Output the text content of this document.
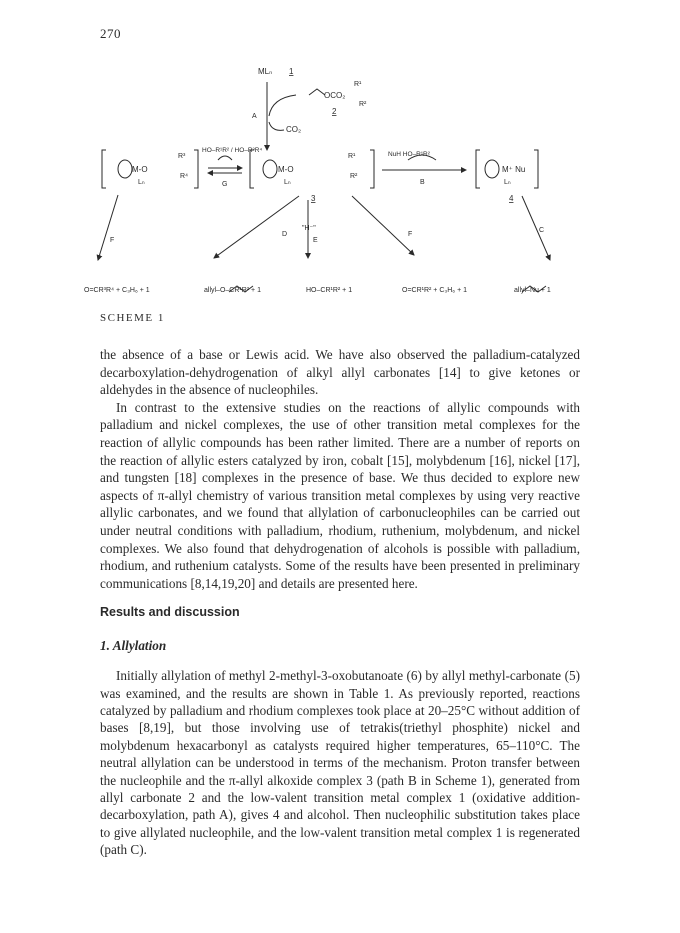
270
MLₙ 1
OCO₂
R¹
R²
2
A
CO₂
M-O
Lₙ
R³
R⁴
HO–R¹R² / HO–R³R⁴
G
M-O
Lₙ
R¹
R²
3
NuH HO–R¹R²
B
M⁺ Nu
Lₙ
4
F
D
"H⁻"
E
F
C
O=CR³R⁴ + C₃H₆ + 1	allyl–O–CR¹R² + 1	HO–CR¹R² + 1	O=CR¹R² + C₃H₆ + 1	allyl–Nu + 1
SCHEME 1

the absence of a base or Lewis acid. We have also observed the palladium-catalyzed decarboxylation-dehydrogenation of alkyl allyl carbonates [14] to give ketones or aldehydes in the absence of nucleophiles.

In contrast to the extensive studies on the reactions of allylic compounds with palladium and nickel complexes, the use of other transition metal complexes for the reaction of allylic compounds has been rather limited. There are a number of reports on the reaction of allylic esters catalyzed by iron, cobalt [15], molybdenum [16], nickel [17], and tungsten [18] complexes in the presence of base. We thus decided to explore new aspects of π-allyl chemistry of various transition metal complexes by using very reactive allylic carbonates, and we found that allylation of carbonucleophiles can be carried out under neutral conditions with palladium, rhodium, ruthenium, molybdenum, and nickel complexes. We also found that dehydrogenation of alcohols is possible with palladium, rhodium, and ruthenium catalysts. Some of the results have been presented in preliminary communications [8,14,19,20] and details are presented here.

Results and discussion
1. Allylation

Initially allylation of methyl 2-methyl-3-oxobutanoate (6) by allyl methyl-carbonate (5) was examined, and the results are shown in Table 1. As previously reported, reactions catalyzed by palladium and rhodium complexes took place at 20–25°C without addition of bases [8,19], but those involving use of tetrakis(triethyl phosphite) nickel and molybdenum hexacarbonyl as catalysts required higher temperatures, 65–110°C. The neutral allylation can be understood in terms of the mechanism. Proton transfer between the nucleophile and the π-allyl alkoxide complex 3 (path B in Scheme 1), generated from allyl carbonate 2 and the low-valent transition metal complex 1 (oxidative addition-decarboxylation, path A), gives 4 and alcohol. Then nucleophilic substitution takes place to give allylated nucleophile, and the low-valent transition metal complex 1 is regenerated (path C).
